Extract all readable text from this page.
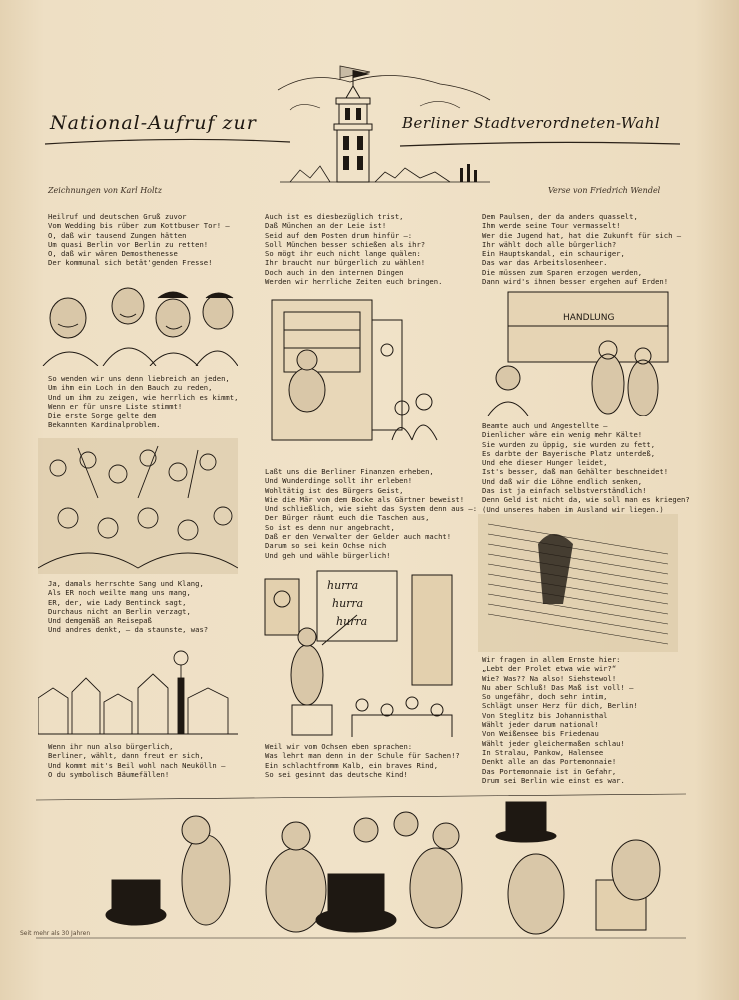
National-Aufruf zur	Berliner Stadtverordneten-Wahl
Zeichnungen von Karl Holtz	Verse von Friedrich Wendel
Heilruf und deutschen Gruß zuvor
Vom Wedding bis rüber zum Kottbuser Tor! —
O, daß wir tausend Zungen hätten
Um quasi Berlin vor Berlin zu retten!
O, daß wir wären Demosthenesse
Der kommunal sich betät'genden Fresse!
So wenden wir uns denn liebreich an jeden,
Um ihm ein Loch in den Bauch zu reden,
Und um ihm zu zeigen, wie herrlich es kimmt,
Wenn er für unsre Liste stimmt!
Die erste Sorge gelte dem
Bekannten Kardinalproblem.
Ja, damals herrschte Sang und Klang,
Als ER noch weilte mang uns mang,
ER, der, wie Lady Bentinck sagt,
Durchaus nicht an Berlin verzagt,
Und demgemäß an Reisepaß
Und andres denkt, — da staunste, was?
Wenn ihr nun also bürgerlich,
Berliner, wählt, dann freut er sich,
Und kommt mit's Beil wohl nach Neukölln —
O du symbolisch Bäumefällen!
Auch ist es diesbezüglich trist,
Daß München an der Leie ist!
Seid auf dem Posten drum hinfür —:
Soll München besser schießen als ihr?
So mögt ihr euch nicht lange quälen:
Ihr braucht nur bürgerlich zu wählen!
Doch auch in den internen Dingen
Werden wir herrliche Zeiten euch bringen.
Laßt uns die Berliner Finanzen erheben,
Und Wunderdinge sollt ihr erleben!
Wohltätig ist des Bürgers Geist,
Wie die Mär vom dem Bocke als Gärtner beweist!
Und schließlich, wie sieht das System denn aus —:
Der Bürger räumt euch die Taschen aus,
So ist es denn nur angebracht,
Daß er den Verwalter der Gelder auch macht!
Darum so sei kein Ochse nich
Und geh und wähle bürgerlich!
Weil wir vom Ochsen eben sprachen:
Was lehrt man denn in der Schule für Sachen!?
Ein schlachtfromm Kalb, ein braves Rind,
So sei gesinnt das deutsche Kind!
Dem Paulsen, der da anders quasselt,
Ihm werde seine Tour vermasselt!
Wer die Jugend hat, hat die Zukunft für sich —
Ihr wählt doch alle bürgerlich?
Ein Hauptskandal, ein schauriger,
Das war das Arbeitslosenheer.
Die müssen zum Sparen erzogen werden,
Dann wird's ihnen besser ergehen auf Erden!
Beamte auch und Angestellte —
Dienlicher wäre ein wenig mehr Kälte!
Sie wurden zu üppig, sie wurden zu fett,
Es darbte der Bayerische Platz unterdeß,
Und ehe dieser Hunger leidet,
Ist's besser, daß man Gehälter beschneidet!
Und daß wir die Löhne endlich senken,
Das ist ja einfach selbstverständlich!
Denn Geld ist nicht da, wie soll man es kriegen?
(Und unseres haben im Ausland wir liegen.)
Wir fragen in allem Ernste hier:
„Lebt der Prolet etwa wie wir?“
Wie? Was?? Na also! Siehstewol!
Nu aber Schluß! Das Maß ist voll! —
So ungefähr, doch sehr intim,
Schlägt unser Herz für dich, Berlin!
Von Steglitz bis Johannisthal
Wählt jeder darum national!
Von Weißensee bis Friedenau
Wählt jeder gleichermaßen schlau!
In Stralau, Pankow, Halensee
Denkt alle an das Portemonnaie!
Das Portemonnaie ist in Gefahr,
Drum sei Berlin wie einst es war.
hurra
hurra
hurra
HANDLUNG
Seit mehr als 30 Jahren
